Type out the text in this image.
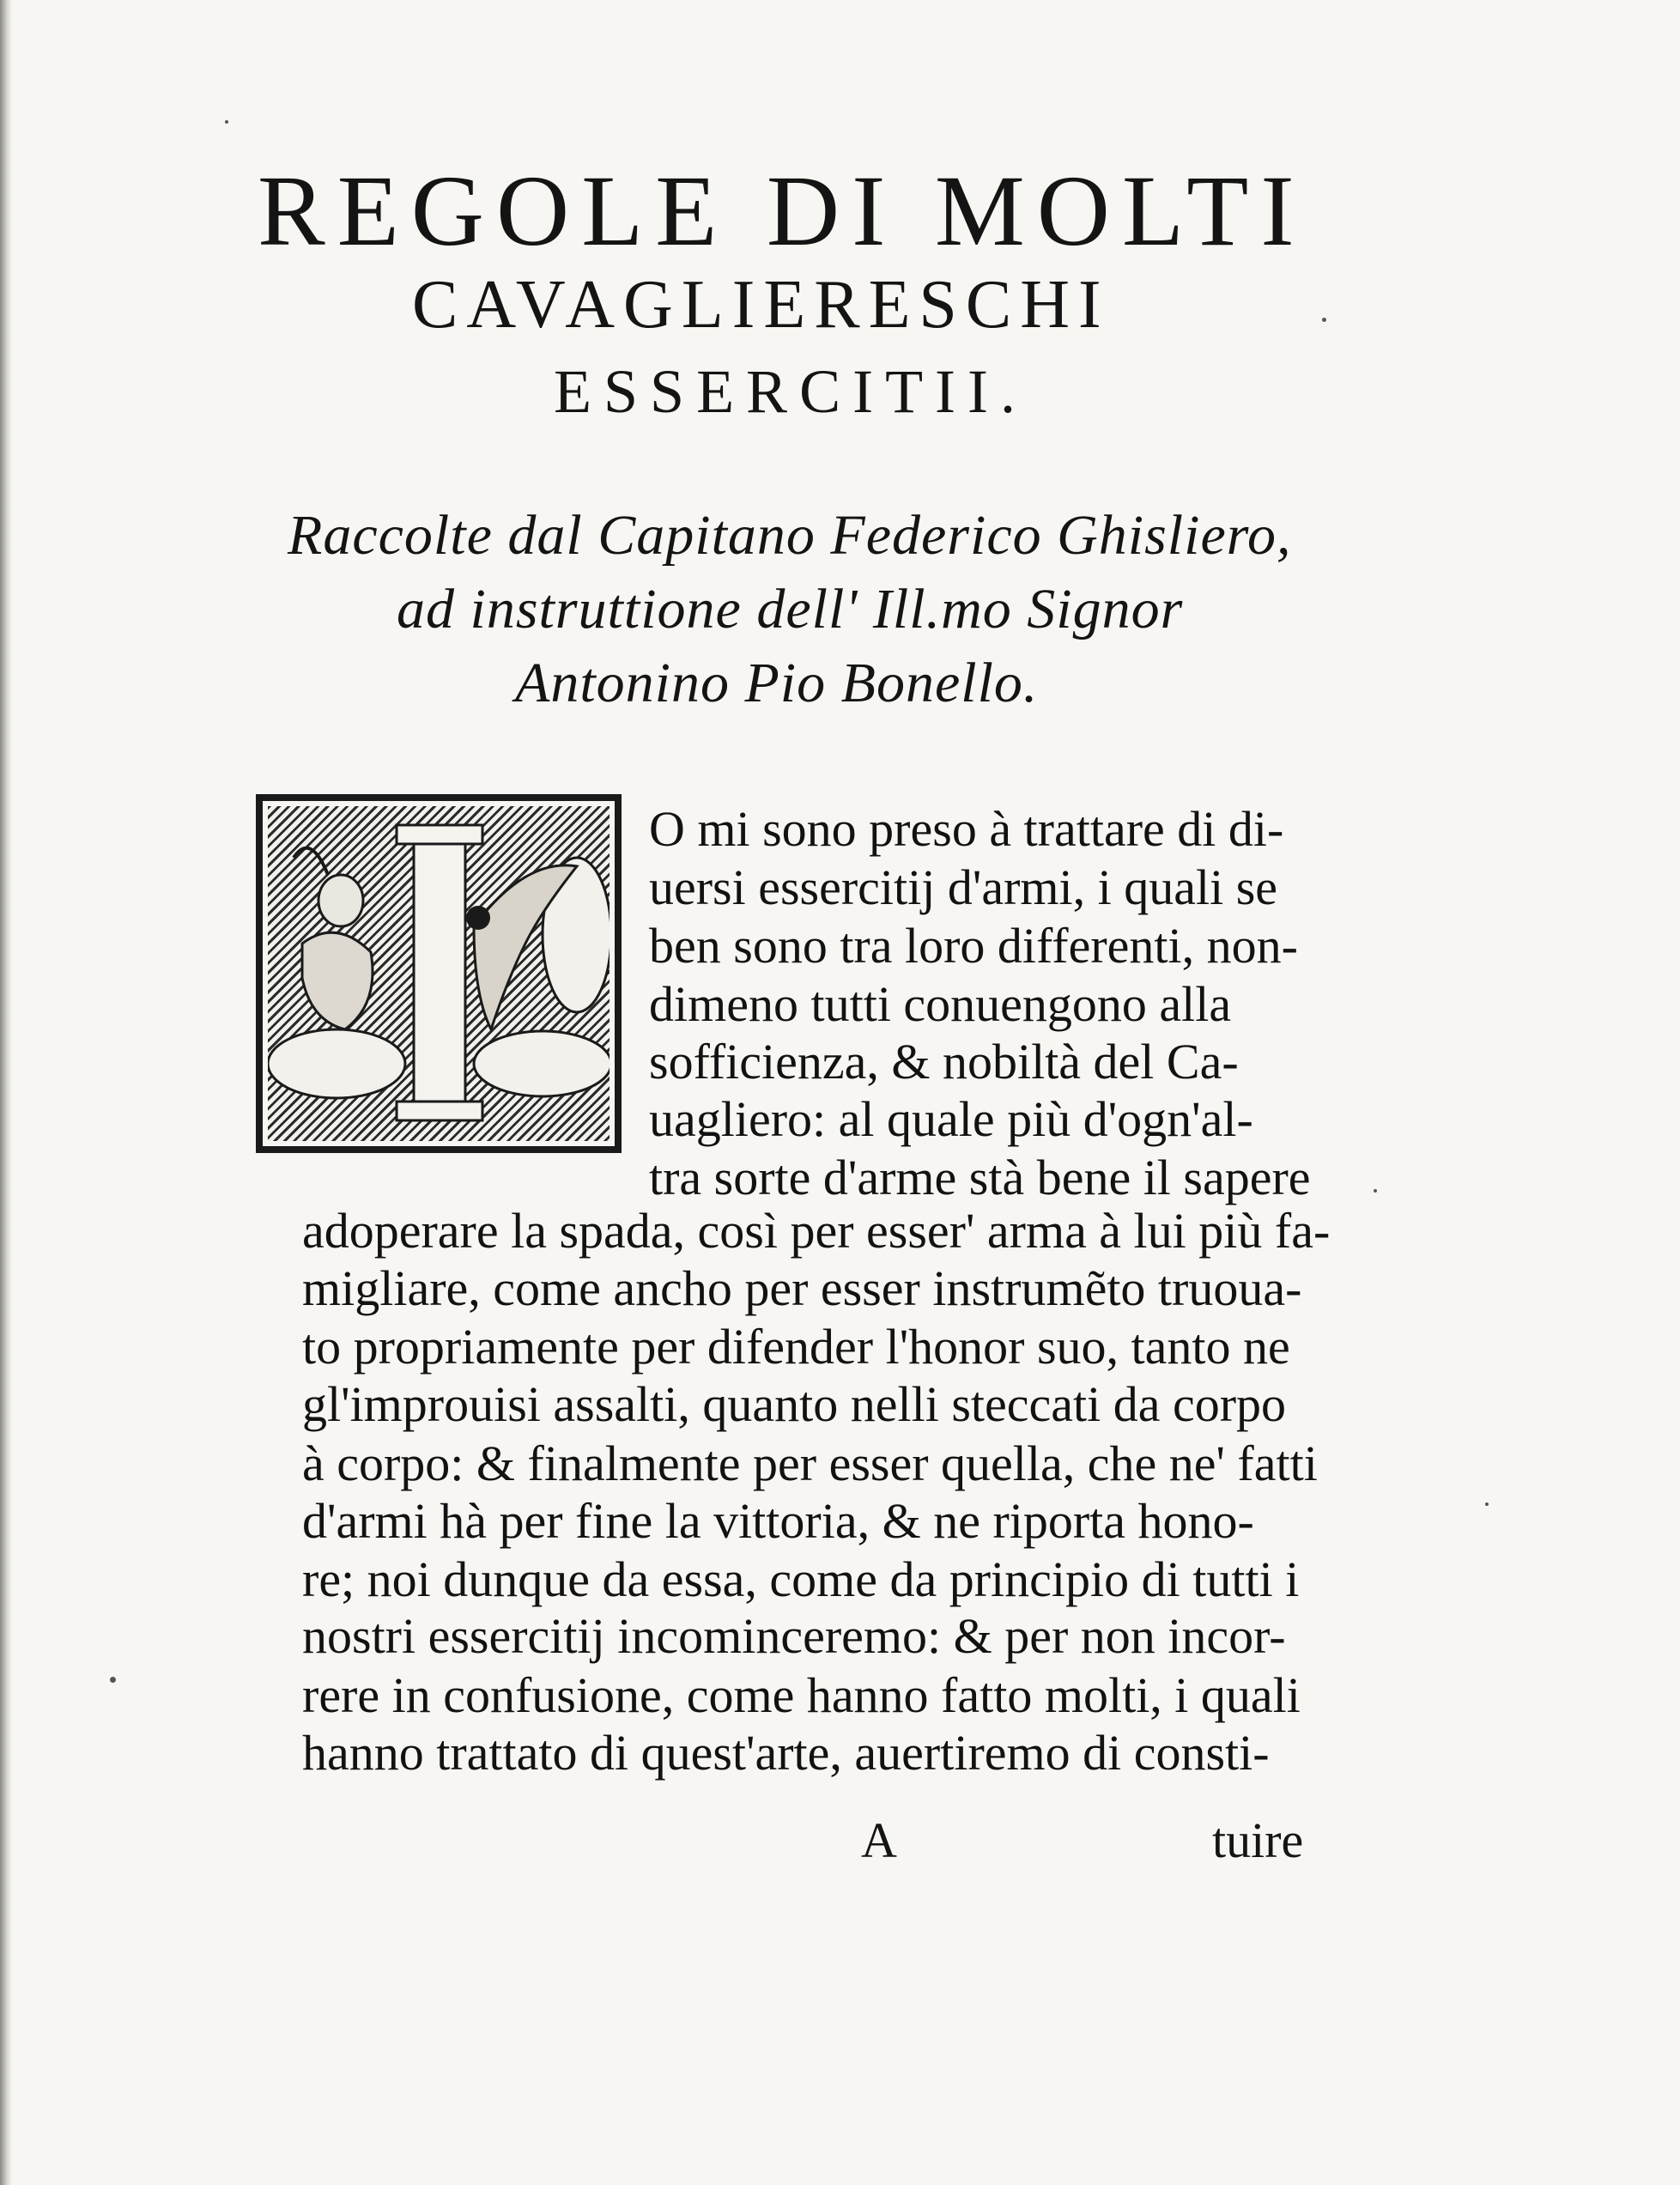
REGOLE DI MOLTI
CAVAGLIERESCHI
ESSERCITII.
Raccolte dal Capitano Federico Ghisliero,
ad instruttione dell' Ill.mo Signor
Antonino Pio Bonello.
I
O mi sono preso à trattare di di-
uersi essercitij d'armi, i quali se
ben sono tra loro differenti, non-
dimeno tutti conuengono alla
sofficienza, & nobiltà del Ca-
uagliero: al quale più d'ogn'al-
tra sorte d'arme stà bene il sapere
adoperare la spada, così per esser' arma à lui più fa-
migliare, come ancho per esser instrumẽto truoua-
to propriamente per difender l'honor suo, tanto ne
gl'improuisi assalti, quanto nelli steccati da corpo
à corpo: & finalmente per esser quella, che ne' fatti
d'armi hà per fine la vittoria, & ne riporta hono-
re; noi dunque da essa, come da principio di tutti i
nostri essercitij incominceremo: & per non incor-
rere in confusione, come hanno fatto molti, i quali
hanno trattato di quest'arte, auertiremo di consti-
A	tuire
